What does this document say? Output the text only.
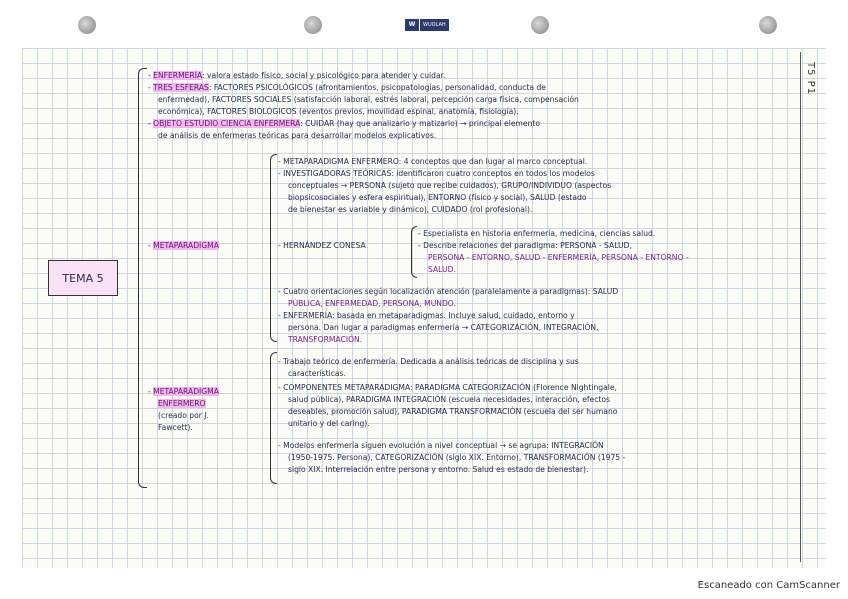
W	WUOLAH
T5 P1
TEMA 5
- ENFERMERÍA: valora estado físico, social y psicológico para atender y cuidar.
- TRES ESFERAS: FACTORES PSICOLÓGICOS (afrontamientos, psicopatologías, personalidad, conducta de
enfermedad), FACTORES SOCIALES (satisfacción laboral, estrés laboral, percepción carga física, compensación
económica), FACTORES BIOLÓGICOS (eventos previos, movilidad espinal, anatomía, fisiología).
- OBJETO ESTUDIO CIENCIA ENFERMERA: CUIDAR (hay que analizarlo y matizarlo) → principal elemento
de análisis de enfermeras teóricas para desarrollar modelos explicativos.
- METAPARADIGMA
- METAPARADIGMA ENFERMERO: 4 conceptos que dan lugar al marco conceptual.
- INVESTIGADORAS TEÓRICAS: identificaron cuatro conceptos en todos los modelos
conceptuales → PERSONA (sujeto que recibe cuidados), GRUPO/INDIVIDUO (aspectos
biopsicosociales y esfera espiritual), ENTORNO (físico y social), SALUD (estado
de bienestar es variable y dinámico), CUIDADO (rol profesional).
- HERNÁNDEZ CONESA
- Especialista en historia enfermería, medicina, ciencias salud.
- Describe relaciones del paradigma: PERSONA - SALUD,
PERSONA - ENTORNO, SALUD - ENFERMERÍA, PERSONA - ENTORNO -
SALUD.
- Cuatro orientaciones según localización atención (paralelamente a paradigmas): SALUD
PÚBLICA, ENFERMEDAD, PERSONA, MUNDO.
- ENFERMERÍA: basada en metaparadigmas. Incluye salud, cuidado, entorno y
persona. Dan lugar a paradigmas enfermería → CATEGORIZACIÓN, INTEGRACIÓN,
TRANSFORMACIÓN.
- METAPARADIGMA
ENFERMERO
(creado por J.
Fawcett).
- Trabajo teórico de enfermería. Dedicada a análisis teóricas de disciplina y sus
características.
- COMPONENTES METAPARADIGMA: PARADIGMA CATEGORIZACIÓN (Florence Nightingale,
salud pública), PARADIGMA INTEGRACIÓN (escuela necesidades, interacción, efectos
deseables, promoción salud), PARADIGMA TRANSFORMACIÓN (escuela del ser humano
unitario y del caring).
- Modelos enfermería siguen evolución a nivel conceptual → se agrupa: INTEGRACIÓN
(1950-1975. Persona), CATEGORIZACIÓN (siglo XIX. Entorno), TRANSFORMACIÓN (1975 -
siglo XIX. Interrelación entre persona y entorno. Salud es estado de bienestar).
Escaneado con CamScanner
